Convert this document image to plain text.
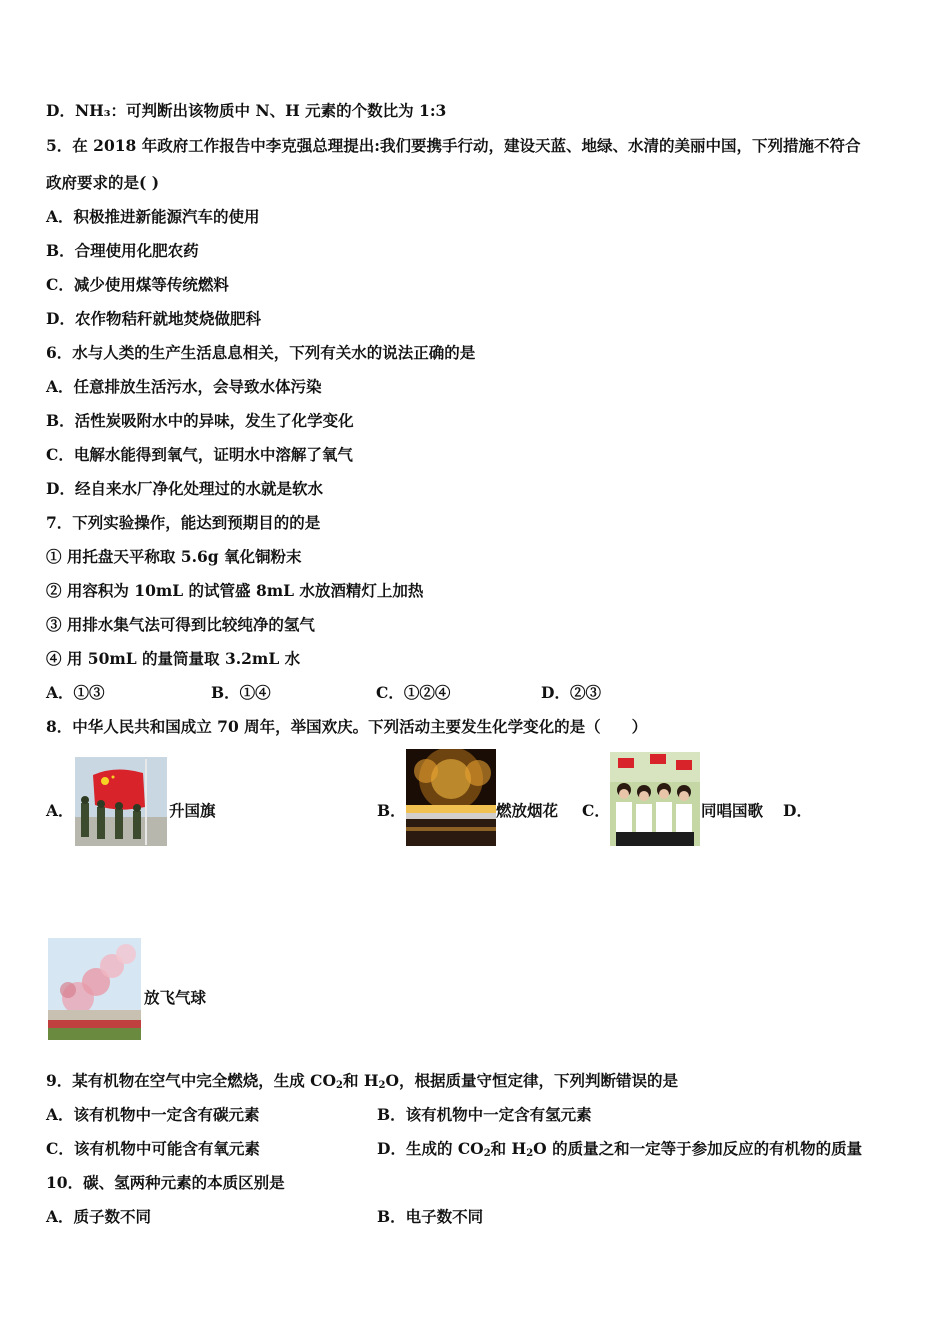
D．NH₃：可判断出该物质中 N、H 元素的个数比为 1:3
5．在 2018 年政府工作报告中李克强总理提出:我们要携手行动，建设天蓝、地绿、水清的美丽中国，下列措施不符合
政府要求的是( )
A．积极推进新能源汽车的使用
B．合理使用化肥农药
C．减少使用煤等传统燃料
D．农作物秸秆就地焚烧做肥科
6．水与人类的生产生活息息相关，下列有关水的说法正确的是
A．任意排放生活污水，会导致水体污染
B．活性炭吸附水中的异味，发生了化学变化
C．电解水能得到氧气，证明水中溶解了氧气
D．经自来水厂净化处理过的水就是软水
7．下列实验操作，能达到预期目的的是
① 用托盘天平称取 5.6g 氧化铜粉末
② 用容积为 10mL 的试管盛 8mL 水放酒精灯上加热
③ 用排水集气法可得到比较纯净的氢气
④ 用 50mL 的量筒量取 3.2mL 水
A．①③	B．①④	C．①②④	D．②③
8．中华人民共和国成立 70 周年，举国欢庆。下列活动主要发生化学变化的是（　　）
A．	升国旗	B．	燃放烟花 C．	同唱国歌 D．
放飞气球
9．某有机物在空气中完全燃烧，生成 $CO_2$和 $H_2O$，根据质量守恒定律，下列判断错误的是
A．该有机物中一定含有碳元素	B．该有机物中一定含有氢元素
C．该有机物中可能含有氧元素	D．生成的 $CO_2$和 $H_2O$ 的质量之和一定等于参加反应的有机物的质量
10．碳、氢两种元素的本质区别是
A．质子数不同	B．电子数不同
